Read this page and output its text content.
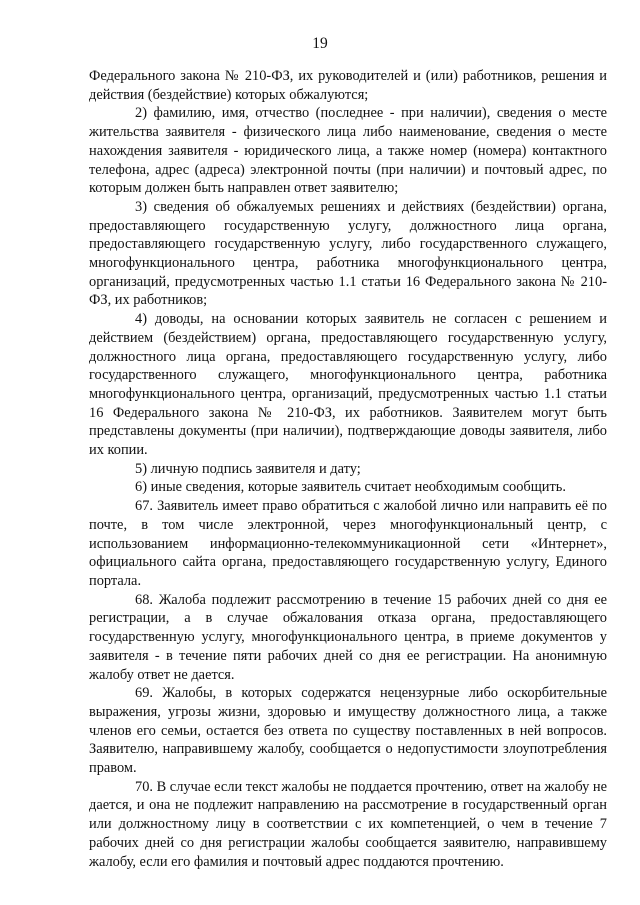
19

Федерального закона № 210-ФЗ, их руководителей и (или) работников, решения и действия (бездействие) которых обжалуются;

2) фамилию, имя, отчество (последнее - при наличии), сведения о месте жительства заявителя - физического лица либо наименование, сведения о месте нахождения заявителя - юридического лица, а также номер (номера) контактного телефона, адрес (адреса) электронной почты (при наличии) и почтовый адрес, по которым должен быть направлен ответ заявителю;

3) сведения об обжалуемых решениях и действиях (бездействии) органа, предоставляющего государственную услугу, должностного лица органа, предоставляющего государственную услугу, либо государственного служащего, многофункционального центра, работника многофункционального центра, организаций, предусмотренных частью 1.1 статьи 16 Федерального закона № 210-ФЗ, их работников;

4) доводы, на основании которых заявитель не согласен с решением и действием (бездействием) органа, предоставляющего государственную услугу, должностного лица органа, предоставляющего государственную услугу, либо государственного служащего, многофункционального центра, работника многофункционального центра, организаций, предусмотренных частью 1.1 статьи 16 Федерального закона № 210-ФЗ, их работников. Заявителем могут быть представлены документы (при наличии), подтверждающие доводы заявителя, либо их копии.

5) личную подпись заявителя и дату;

6) иные сведения, которые заявитель считает необходимым сообщить.

67. Заявитель имеет право обратиться с жалобой лично или направить её по почте, в том числе электронной, через многофункциональный центр, с использованием информационно-телекоммуникационной сети «Интернет», официального сайта органа, предоставляющего государственную услугу, Единого портала.

68. Жалоба подлежит рассмотрению в течение 15 рабочих дней со дня ее регистрации, а в случае обжалования отказа органа, предоставляющего государственную услугу, многофункционального центра, в приеме документов у заявителя - в течение пяти рабочих дней со дня ее регистрации. На анонимную жалобу ответ не дается.

69. Жалобы, в которых содержатся нецензурные либо оскорбительные выражения, угрозы жизни, здоровью и имуществу должностного лица, а также членов его семьи, остается без ответа по существу поставленных в ней вопросов. Заявителю, направившему жалобу, сообщается о недопустимости злоупотребления правом.

70. В случае если текст жалобы не поддается прочтению, ответ на жалобу не дается, и она не подлежит направлению на рассмотрение в государственный орган или должностному лицу в соответствии с их компетенцией, о чем в течение 7 рабочих дней со дня регистрации жалобы сообщается заявителю, направившему жалобу, если его фамилия и почтовый адрес поддаются прочтению.
